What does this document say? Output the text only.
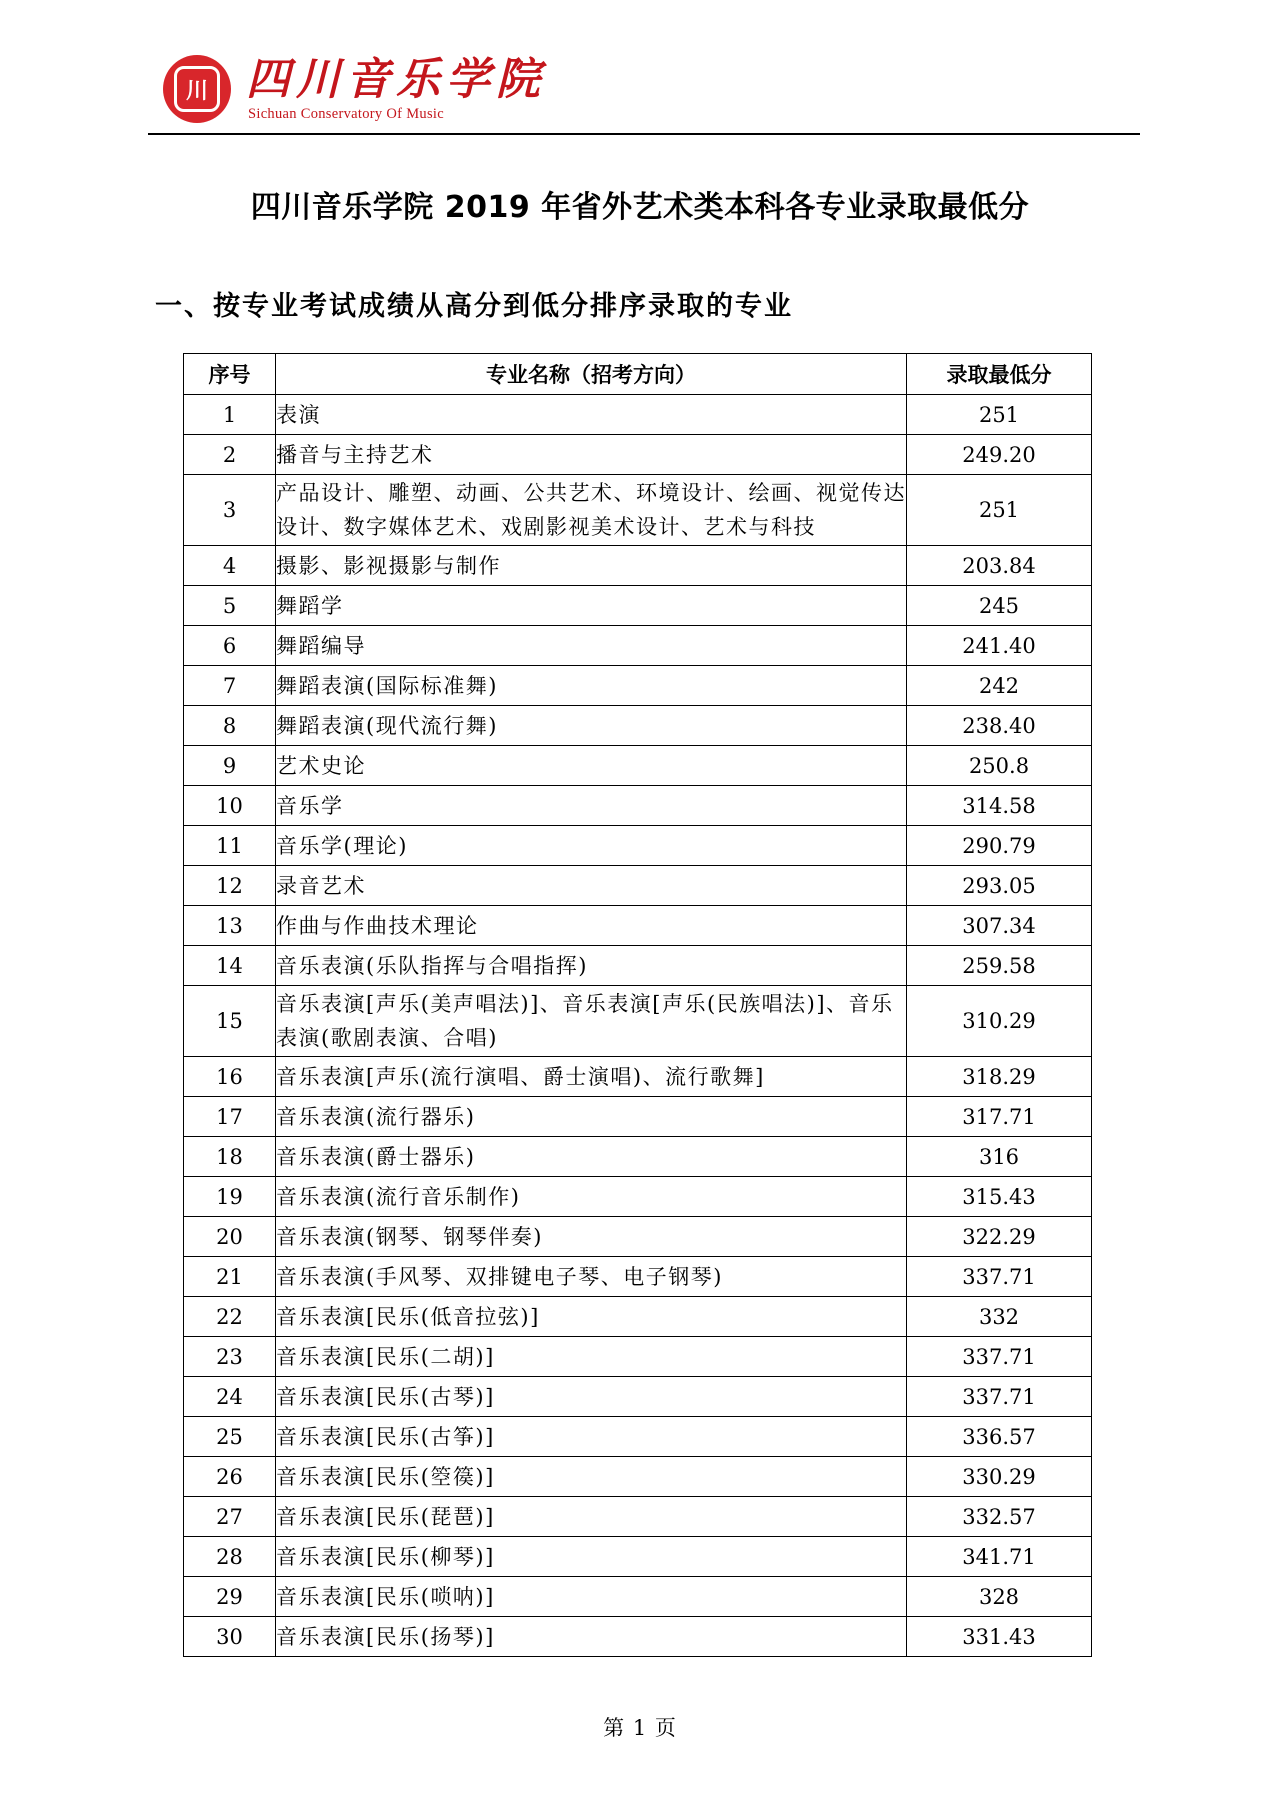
川 四川音乐学院
Sichuan Conservatory Of Music
四川音乐学院 2019 年省外艺术类本科各专业录取最低分
一、按专业考试成绩从高分到低分排序录取的专业
序号	专业名称（招考方向）	录取最低分
1	表演	251
2	播音与主持艺术	249.20
3	产品设计、雕塑、动画、公共艺术、环境设计、绘画、视觉传达设计、数字媒体艺术、戏剧影视美术设计、艺术与科技	251
4	摄影、影视摄影与制作	203.84
5	舞蹈学	245
6	舞蹈编导	241.40
7	舞蹈表演(国际标准舞)	242
8	舞蹈表演(现代流行舞)	238.40
9	艺术史论	250.8
10	音乐学	314.58
11	音乐学(理论)	290.79
12	录音艺术	293.05
13	作曲与作曲技术理论	307.34
14	音乐表演(乐队指挥与合唱指挥)	259.58
15	音乐表演[声乐(美声唱法)]、音乐表演[声乐(民族唱法)]、音乐表演(歌剧表演、合唱)	310.29
16	音乐表演[声乐(流行演唱、爵士演唱)、流行歌舞]	318.29
17	音乐表演(流行器乐)	317.71
18	音乐表演(爵士器乐)	316
19	音乐表演(流行音乐制作)	315.43
20	音乐表演(钢琴、钢琴伴奏)	322.29
21	音乐表演(手风琴、双排键电子琴、电子钢琴)	337.71
22	音乐表演[民乐(低音拉弦)]	332
23	音乐表演[民乐(二胡)]	337.71
24	音乐表演[民乐(古琴)]	337.71
25	音乐表演[民乐(古筝)]	336.57
26	音乐表演[民乐(箜篌)]	330.29
27	音乐表演[民乐(琵琶)]	332.57
28	音乐表演[民乐(柳琴)]	341.71
29	音乐表演[民乐(唢呐)]	328
30	音乐表演[民乐(扬琴)]	331.43
第 1 页
